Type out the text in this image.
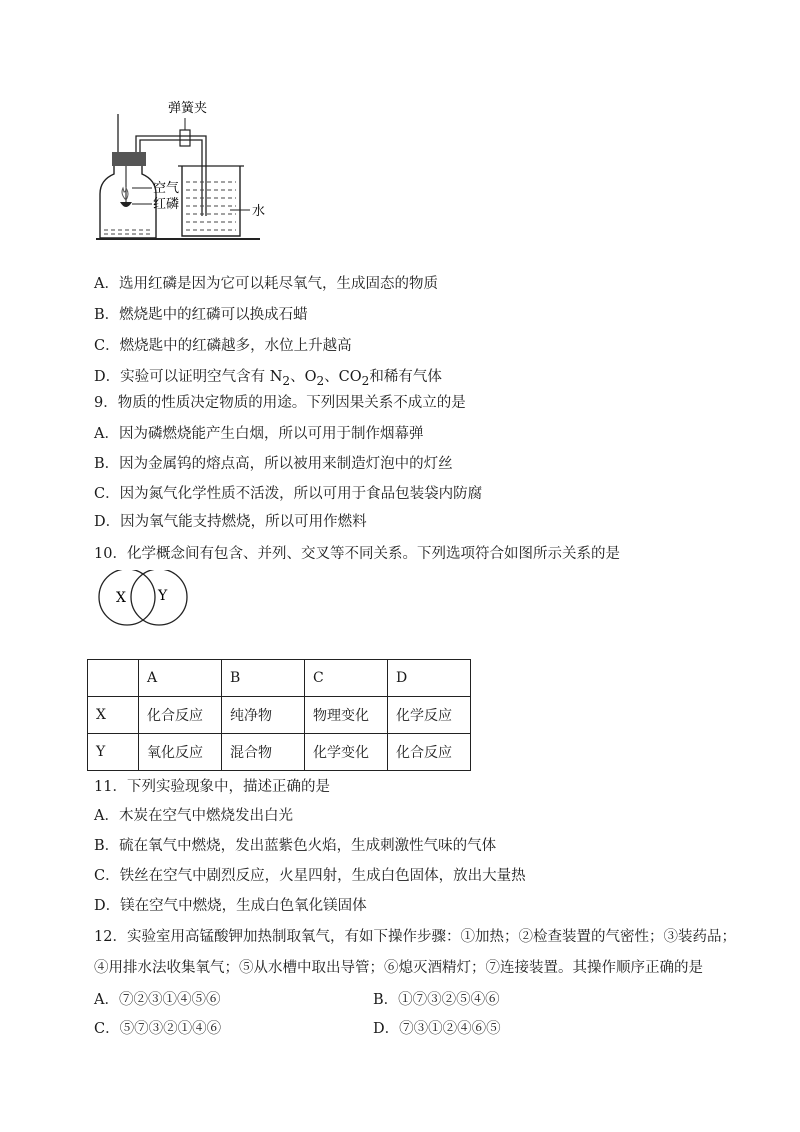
弹簧夹
空气
红磷	水
A．选用红磷是因为它可以耗尽氧气，生成固态的物质
B．燃烧匙中的红磷可以换成石蜡
C．燃烧匙中的红磷越多，水位上升越高
D．实验可以证明空气含有 $N_2$、$O_2$、$CO_2$和稀有气体
9．物质的性质决定物质的用途。下列因果关系不成立的是
A．因为磷燃烧能产生白烟，所以可用于制作烟幕弹
B．因为金属钨的熔点高，所以被用来制造灯泡中的灯丝
C．因为氮气化学性质不活泼，所以可用于食品包装袋内防腐
D．因为氧气能支持燃烧，所以可用作燃料
10．化学概念间有包含、并列、交叉等不同关系。下列选项符合如图所示关系的是
X Y
	A	B	C	D
X	化合反应	纯净物	物理变化	化学反应
Y	氧化反应	混合物	化学变化	化合反应
11．下列实验现象中，描述正确的是
A．木炭在空气中燃烧发出白光
B．硫在氧气中燃烧，发出蓝紫色火焰，生成刺激性气味的气体
C．铁丝在空气中剧烈反应，火星四射，生成白色固体，放出大量热
D．镁在空气中燃烧，生成白色氧化镁固体
12．实验室用高锰酸钾加热制取氧气，有如下操作步骤：①加热；②检查装置的气密性；③装药品；
④用排水法收集氧气；⑤从水槽中取出导管；⑥熄灭酒精灯；⑦连接装置。其操作顺序正确的是
A．⑦②③①④⑤⑥	B．①⑦③②⑤④⑥
C．⑤⑦③②①④⑥	D．⑦③①②④⑥⑤
